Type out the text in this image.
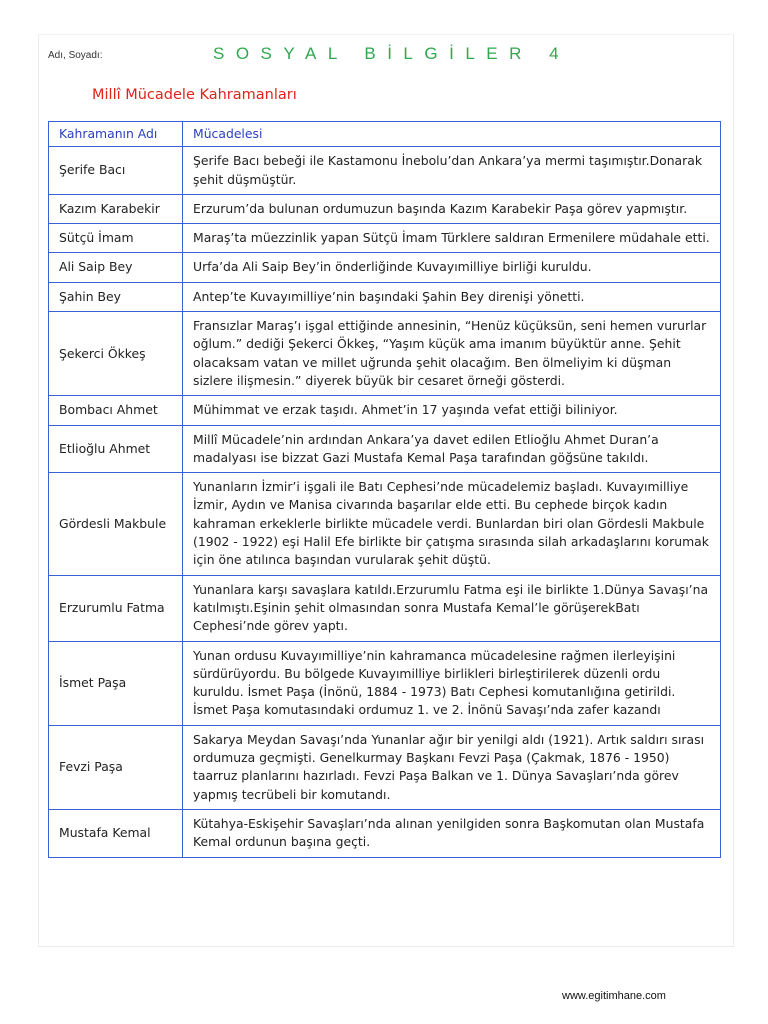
Adı, Soyadı:	SOSYAL BİLGİLER 4
Millî Mücadele Kahramanları
Kahramanın Adı	Mücadelesi
Şerife Bacı	Şerife Bacı bebeği ile Kastamonu İnebolu’dan Ankara’ya mermi taşımıştır.Donarak şehit düşmüştür.
Kazım Karabekir	Erzurum’da bulunan ordumuzun başında Kazım Karabekir Paşa görev yapmıştır.
Sütçü İmam	Maraş’ta müezzinlik yapan Sütçü İmam Türklere saldıran Ermenilere müdahale etti.
Ali Saip Bey	Urfa’da Ali Saip Bey’in önderliğinde Kuvayımilliye birliği kuruldu.
Şahin Bey	Antep’te Kuvayımilliye’nin başındaki Şahin Bey direnişi yönetti.
Şekerci Ökkeş	Fransızlar Maraş’ı işgal ettiğinde annesinin, “Henüz küçüksün, seni hemen vururlar oğlum.” dediği Şekerci Ökkeş, “Yaşım küçük ama imanım büyüktür anne. Şehit olacaksam vatan ve millet uğrunda şehit olacağım. Ben ölmeliyim ki düşman sizlere ilişmesin.” diyerek büyük bir cesaret örneği gösterdi.
Bombacı Ahmet	Mühimmat ve erzak taşıdı. Ahmet’in 17 yaşında vefat ettiği biliniyor.
Etlioğlu Ahmet	Millî Mücadele’nin ardından Ankara’ya davet edilen Etlioğlu Ahmet Duran’a madalyası ise bizzat Gazi Mustafa Kemal Paşa tarafından göğsüne takıldı.
Gördesli Makbule	Yunanların İzmir’i işgali ile Batı Cephesi’nde mücadelemiz başladı. Kuvayımilliye İzmir, Aydın ve Manisa civarında başarılar elde etti. Bu cephede birçok kadın kahraman erkeklerle birlikte mücadele verdi. Bunlardan biri olan Gördesli Makbule (1902 - 1922) eşi Halil Efe birlikte bir çatışma sırasında silah arkadaşlarını korumak için öne atılınca başından vurularak şehit düştü.
Erzurumlu Fatma	Yunanlara karşı savaşlara katıldı.Erzurumlu Fatma eşi ile birlikte 1.Dünya Savaşı’na katılmıştı.Eşinin şehit olmasından sonra Mustafa Kemal’le görüşerekBatı Cephesi’nde görev yaptı.
İsmet Paşa	Yunan ordusu Kuvayımilliye’nin kahramanca mücadelesine rağmen ilerleyişini sürdürüyordu. Bu bölgede Kuvayımilliye birlikleri birleştirilerek düzenli ordu kuruldu. İsmet Paşa (İnönü, 1884 - 1973) Batı Cephesi komutanlığına getirildi. İsmet Paşa komutasındaki ordumuz 1. ve 2. İnönü Savaşı’nda zafer kazandı
Fevzi Paşa	Sakarya Meydan Savaşı’nda Yunanlar ağır bir yenilgi aldı (1921). Artık saldırı sırası ordumuza geçmişti. Genelkurmay Başkanı Fevzi Paşa (Çakmak, 1876 - 1950) taarruz planlarını hazırladı. Fevzi Paşa Balkan ve 1. Dünya Savaşları’nda görev yapmış tecrübeli bir komutandı.
Mustafa Kemal	Kütahya-Eskişehir Savaşları’nda alınan yenilgiden sonra Başkomutan olan Mustafa Kemal ordunun başına geçti.
www.egitimhane.com
